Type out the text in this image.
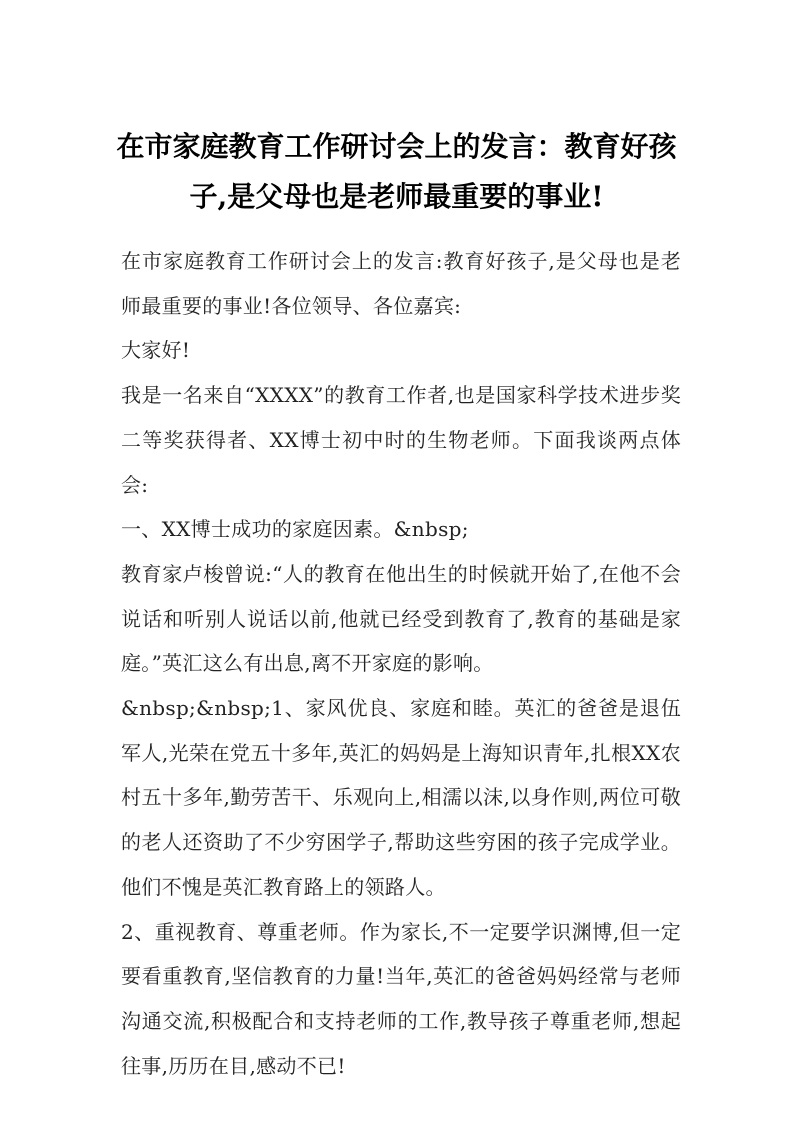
在市家庭教育工作研讨会上的发言：教育好孩子,是父母也是老师最重要的事业!

在市家庭教育工作研讨会上的发言:教育好孩子,是父母也是老师最重要的事业!各位领导、各位嘉宾:

大家好!

我是一名来自“XXXX”的教育工作者,也是国家科学技术进步奖二等奖获得者、XX博士初中时的生物老师。下面我谈两点体会:

一、XX博士成功的家庭因素。&nbsp;

教育家卢梭曾说:“人的教育在他出生的时候就开始了,在他不会说话和听别人说话以前,他就已经受到教育了,教育的基础是家庭。”英汇这么有出息,离不开家庭的影响。

&nbsp;&nbsp;1、家风优良、家庭和睦。英汇的爸爸是退伍军人,光荣在党五十多年,英汇的妈妈是上海知识青年,扎根XX农村五十多年,勤劳苦干、乐观向上,相濡以沫,以身作则,两位可敬的老人还资助了不少穷困学子,帮助这些穷困的孩子完成学业。他们不愧是英汇教育路上的领路人。

2、重视教育、尊重老师。作为家长,不一定要学识渊博,但一定要看重教育,坚信教育的力量!当年,英汇的爸爸妈妈经常与老师沟通交流,积极配合和支持老师的工作,教导孩子尊重老师,想起往事,历历在目,感动不已!
